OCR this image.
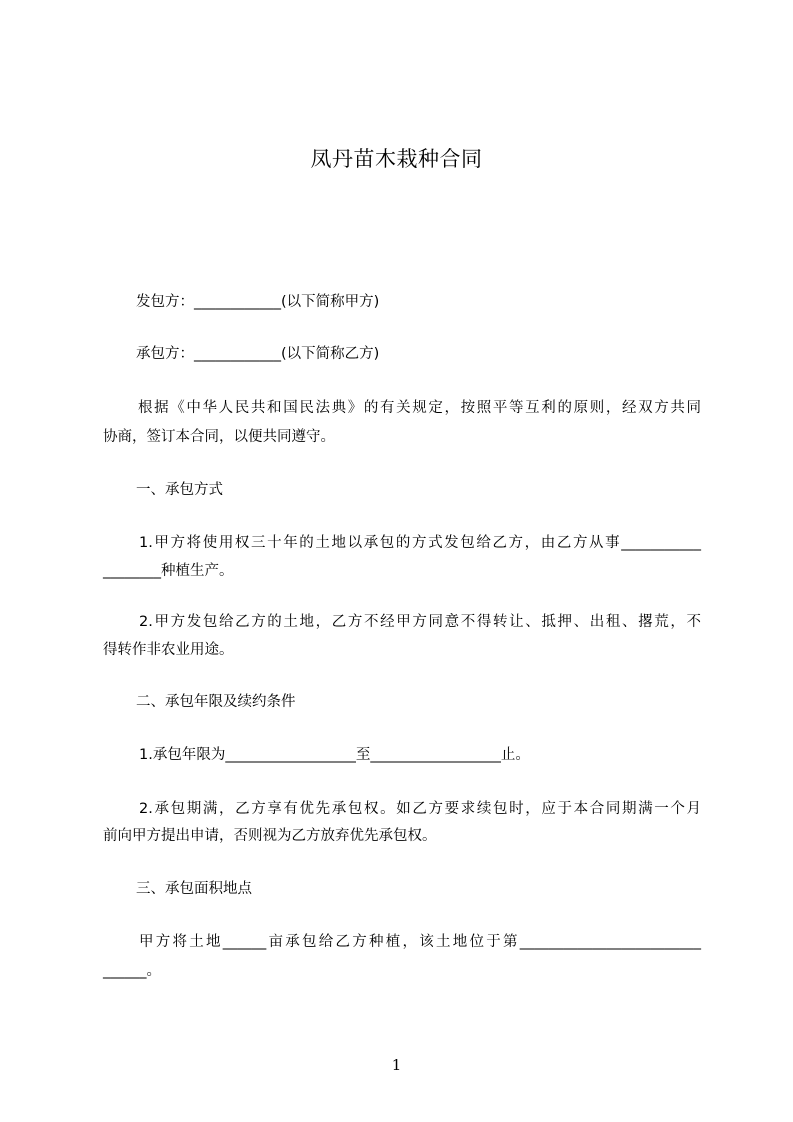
凤丹苗木栽种合同
发包方：____________(以下简称甲方)
承包方：____________(以下简称乙方)
根据《中华人民共和国民法典》的有关规定，按照平等互利的原则，经双方共同
协商，签订本合同，以便共同遵守。
一、承包方式
1.甲方将使用权三十年的土地以承包的方式发包给乙方，由乙方从事___________
________种植生产。
2.甲方发包给乙方的土地，乙方不经甲方同意不得转让、抵押、出租、撂荒，不
得转作非农业用途。
二、承包年限及续约条件
1.承包年限为__________________至__________________止。
2.承包期满，乙方享有优先承包权。如乙方要求续包时，应于本合同期满一个月
前向甲方提出申请，否则视为乙方放弃优先承包权。
三、承包面积地点
甲方将土地______亩承包给乙方种植，该土地位于第_________________________
______。
1
